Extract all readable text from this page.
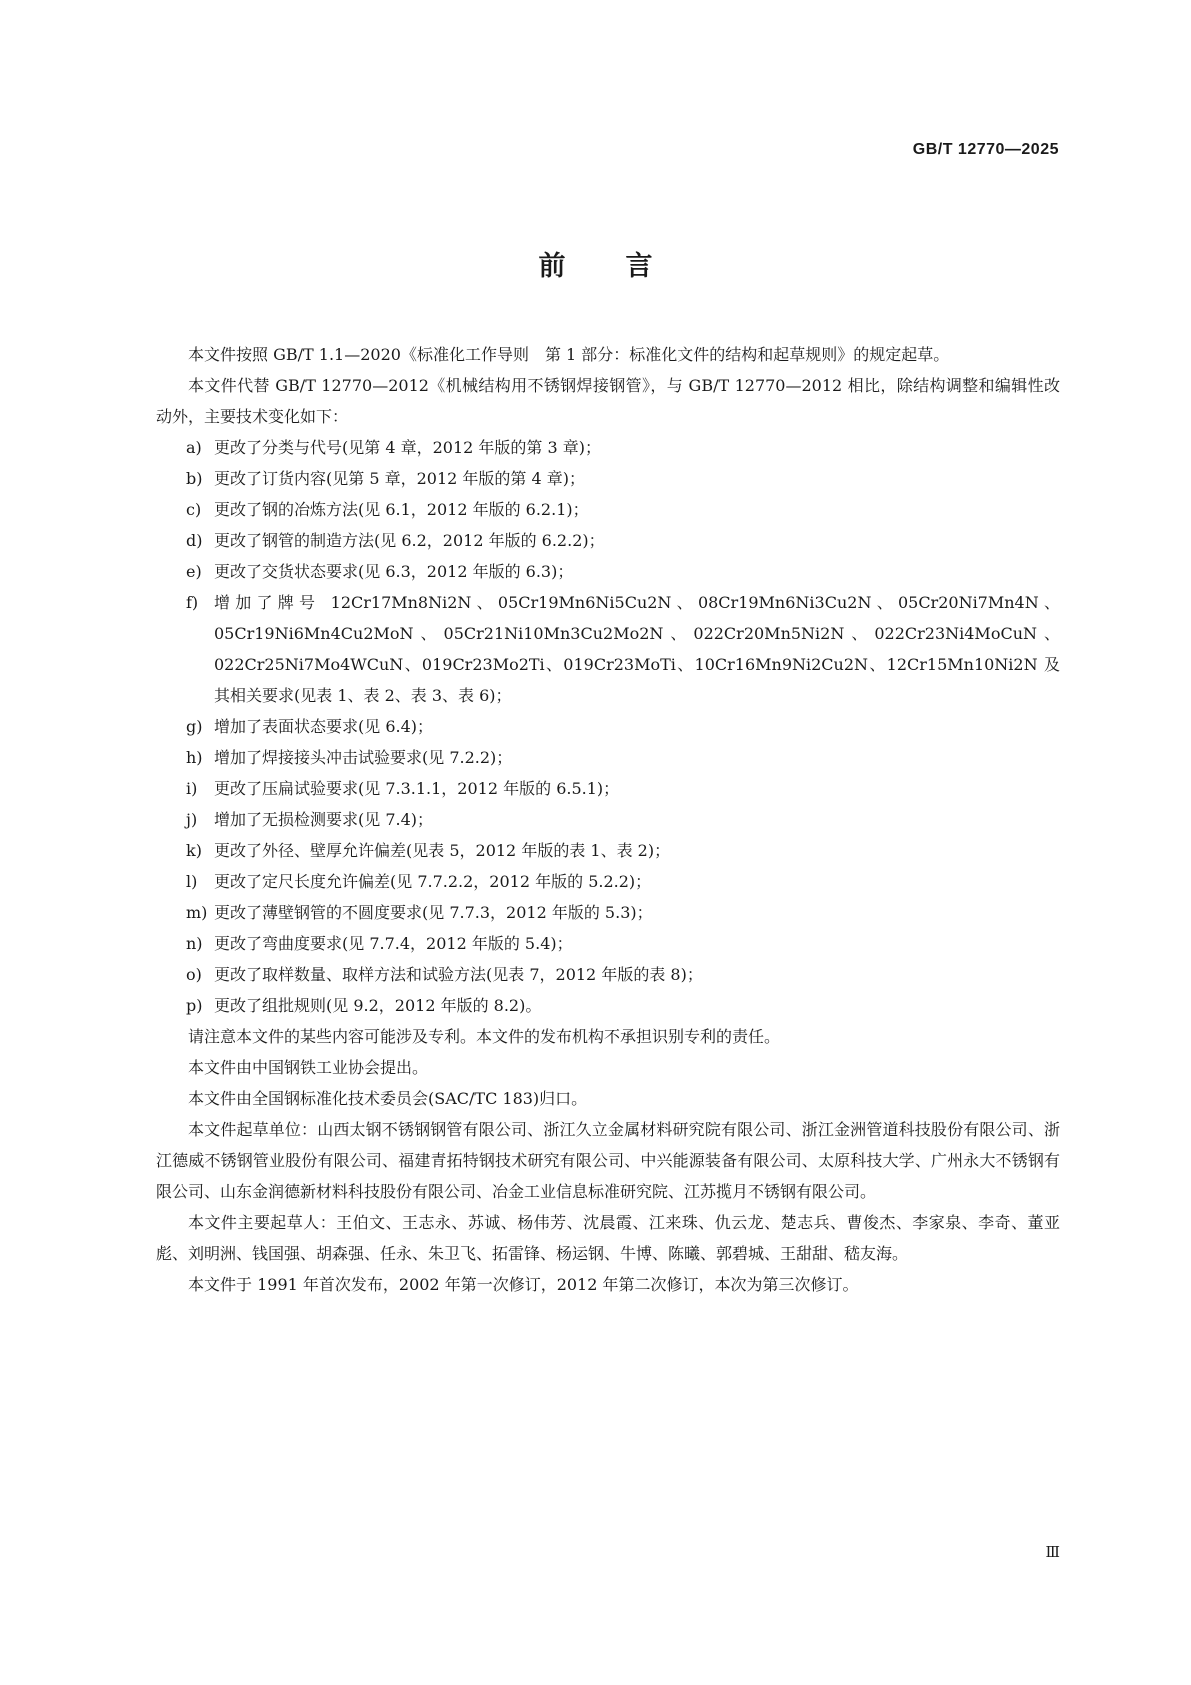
GB/T 12770—2025
前言

本文件按照 GB/T 1.1—2020《标准化工作导则　第 1 部分：标准化文件的结构和起草规则》的规定起草。

本文件代替 GB/T 12770—2012《机械结构用不锈钢焊接钢管》，与 GB/T 12770—2012 相比，除结构调整和编辑性改动外，主要技术变化如下：

a) 更改了分类与代号(见第 4 章，2012 年版的第 3 章)；
b) 更改了订货内容(见第 5 章，2012 年版的第 4 章)；
c) 更改了钢的冶炼方法(见 6.1，2012 年版的 6.2.1)；
d) 更改了钢管的制造方法(见 6.2，2012 年版的 6.2.2)；
e) 更改了交货状态要求(见 6.3，2012 年版的 6.3)；
f) 增加了牌号 12Cr17Mn8Ni2N、05Cr19Mn6Ni5Cu2N、08Cr19Mn6Ni3Cu2N、05Cr20Ni7Mn4N、05Cr19Ni6Mn4Cu2MoN、05Cr21Ni10Mn3Cu2Mo2N、022Cr20Mn5Ni2N、022Cr23Ni4MoCuN、022Cr25Ni7Mo4WCuN、019Cr23Mo2Ti、019Cr23MoTi、10Cr16Mn9Ni2Cu2N、12Cr15Mn10Ni2N 及其相关要求(见表 1、表 2、表 3、表 6)；
g) 增加了表面状态要求(见 6.4)；
h) 增加了焊接接头冲击试验要求(见 7.2.2)；
i) 更改了压扁试验要求(见 7.3.1.1，2012 年版的 6.5.1)；
j) 增加了无损检测要求(见 7.4)；
k) 更改了外径、壁厚允许偏差(见表 5，2012 年版的表 1、表 2)；
l) 更改了定尺长度允许偏差(见 7.7.2.2，2012 年版的 5.2.2)；
m) 更改了薄壁钢管的不圆度要求(见 7.7.3，2012 年版的 5.3)；
n) 更改了弯曲度要求(见 7.7.4，2012 年版的 5.4)；
o) 更改了取样数量、取样方法和试验方法(见表 7，2012 年版的表 8)；
p) 更改了组批规则(见 9.2，2012 年版的 8.2)。

请注意本文件的某些内容可能涉及专利。本文件的发布机构不承担识别专利的责任。

本文件由中国钢铁工业协会提出。

本文件由全国钢标准化技术委员会(SAC/TC 183)归口。

本文件起草单位：山西太钢不锈钢钢管有限公司、浙江久立金属材料研究院有限公司、浙江金洲管道科技股份有限公司、浙江德威不锈钢管业股份有限公司、福建青拓特钢技术研究有限公司、中兴能源装备有限公司、太原科技大学、广州永大不锈钢有限公司、山东金润德新材料科技股份有限公司、冶金工业信息标准研究院、江苏揽月不锈钢有限公司。

本文件主要起草人：王伯文、王志永、苏诚、杨伟芳、沈晨霞、江来珠、仇云龙、楚志兵、曹俊杰、李家泉、李奇、董亚彪、刘明洲、钱国强、胡森强、任永、朱卫飞、拓雷锋、杨运钢、牛博、陈曦、郭碧城、王甜甜、嵇友海。

本文件于 1991 年首次发布，2002 年第一次修订，2012 年第二次修订，本次为第三次修订。

Ⅲ
